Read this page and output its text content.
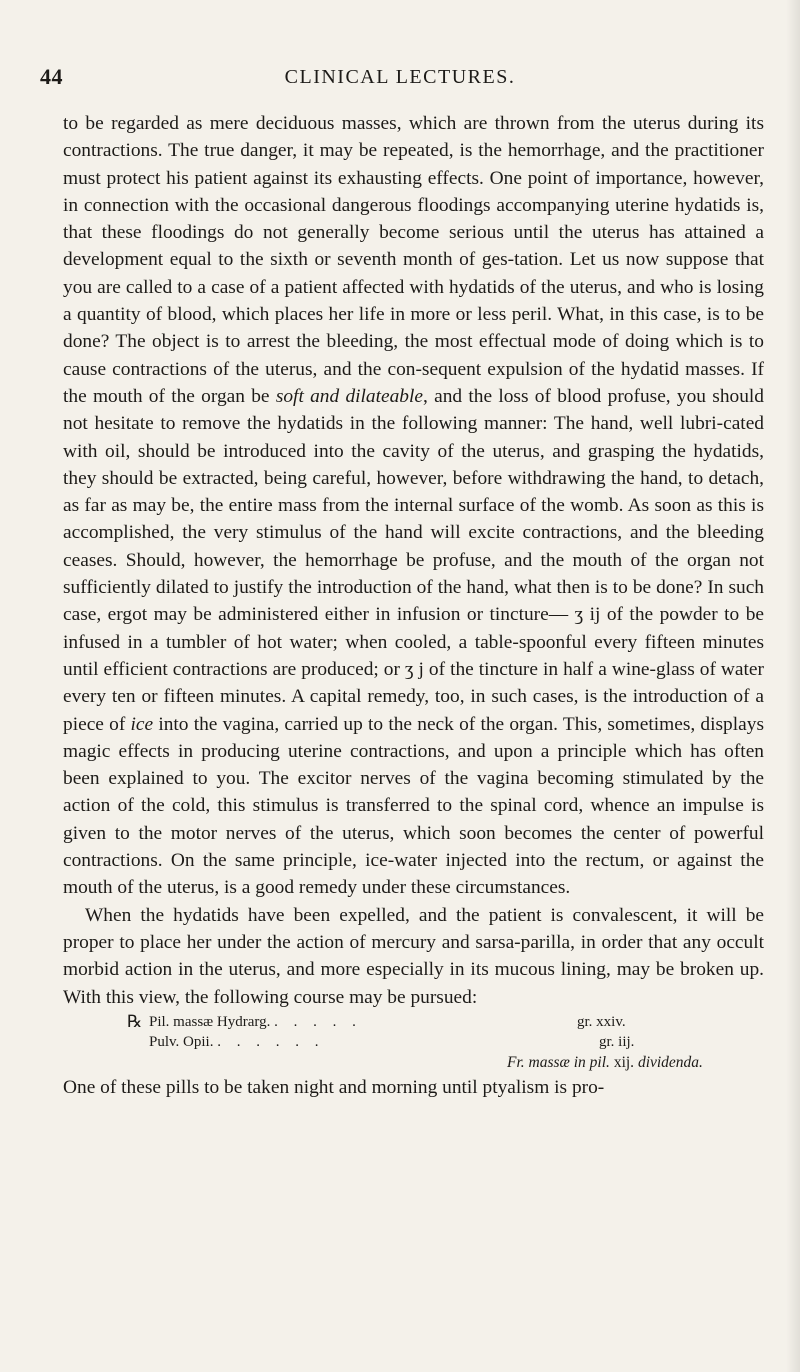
44	CLINICAL LECTURES.

to be regarded as mere deciduous masses, which are thrown from the uterus during its contractions. The true danger, it may be repeated, is the hemorrhage, and the practitioner must protect his patient against its exhausting effects. One point of importance, however, in connection with the occasional dangerous floodings accompanying uterine hydatids is, that these floodings do not generally become serious until the uterus has attained a development equal to the sixth or seventh month of ges-tation. Let us now suppose that you are called to a case of a patient affected with hydatids of the uterus, and who is losing a quantity of blood, which places her life in more or less peril. What, in this case, is to be done? The object is to arrest the bleeding, the most effectual mode of doing which is to cause contractions of the uterus, and the con-sequent expulsion of the hydatid masses. If the mouth of the organ be soft and dilateable, and the loss of blood profuse, you should not hesitate to remove the hydatids in the following manner: The hand, well lubri-cated with oil, should be introduced into the cavity of the uterus, and grasping the hydatids, they should be extracted, being careful, however, before withdrawing the hand, to detach, as far as may be, the entire mass from the internal surface of the womb. As soon as this is accomplished, the very stimulus of the hand will excite contractions, and the bleeding ceases. Should, however, the hemorrhage be profuse, and the mouth of the organ not sufficiently dilated to justify the introduction of the hand, what then is to be done? In such case, ergot may be administered either in infusion or tincture— ʒ ij of the powder to be infused in a tumbler of hot water; when cooled, a table-spoonful every fifteen minutes until efficient contractions are produced; or ʒ j of the tincture in half a wine-glass of water every ten or fifteen minutes. A capital remedy, too, in such cases, is the introduction of a piece of ice into the vagina, carried up to the neck of the organ. This, sometimes, displays magic effects in producing uterine contractions, and upon a principle which has often been explained to you. The excitor nerves of the vagina becoming stimulated by the action of the cold, this stimulus is transferred to the spinal cord, whence an impulse is given to the motor nerves of the uterus, which soon becomes the center of powerful contractions. On the same principle, ice-water injected into the rectum, or against the mouth of the uterus, is a good remedy under these circumstances.

When the hydatids have been expelled, and the patient is convalescent, it will be proper to place her under the action of mercury and sarsa-parilla, in order that any occult morbid action in the uterus, and more especially in its mucous lining, may be broken up. With this view, the following course may be pursued:

℞ Pil. massæ Hydrarg. . . . . .	gr. xxiv.
Pulv. Opii. . . . . . .	gr. iij.
Fr. massæ in pil. xij. dividenda.

One of these pills to be taken night and morning until ptyalism is pro-
